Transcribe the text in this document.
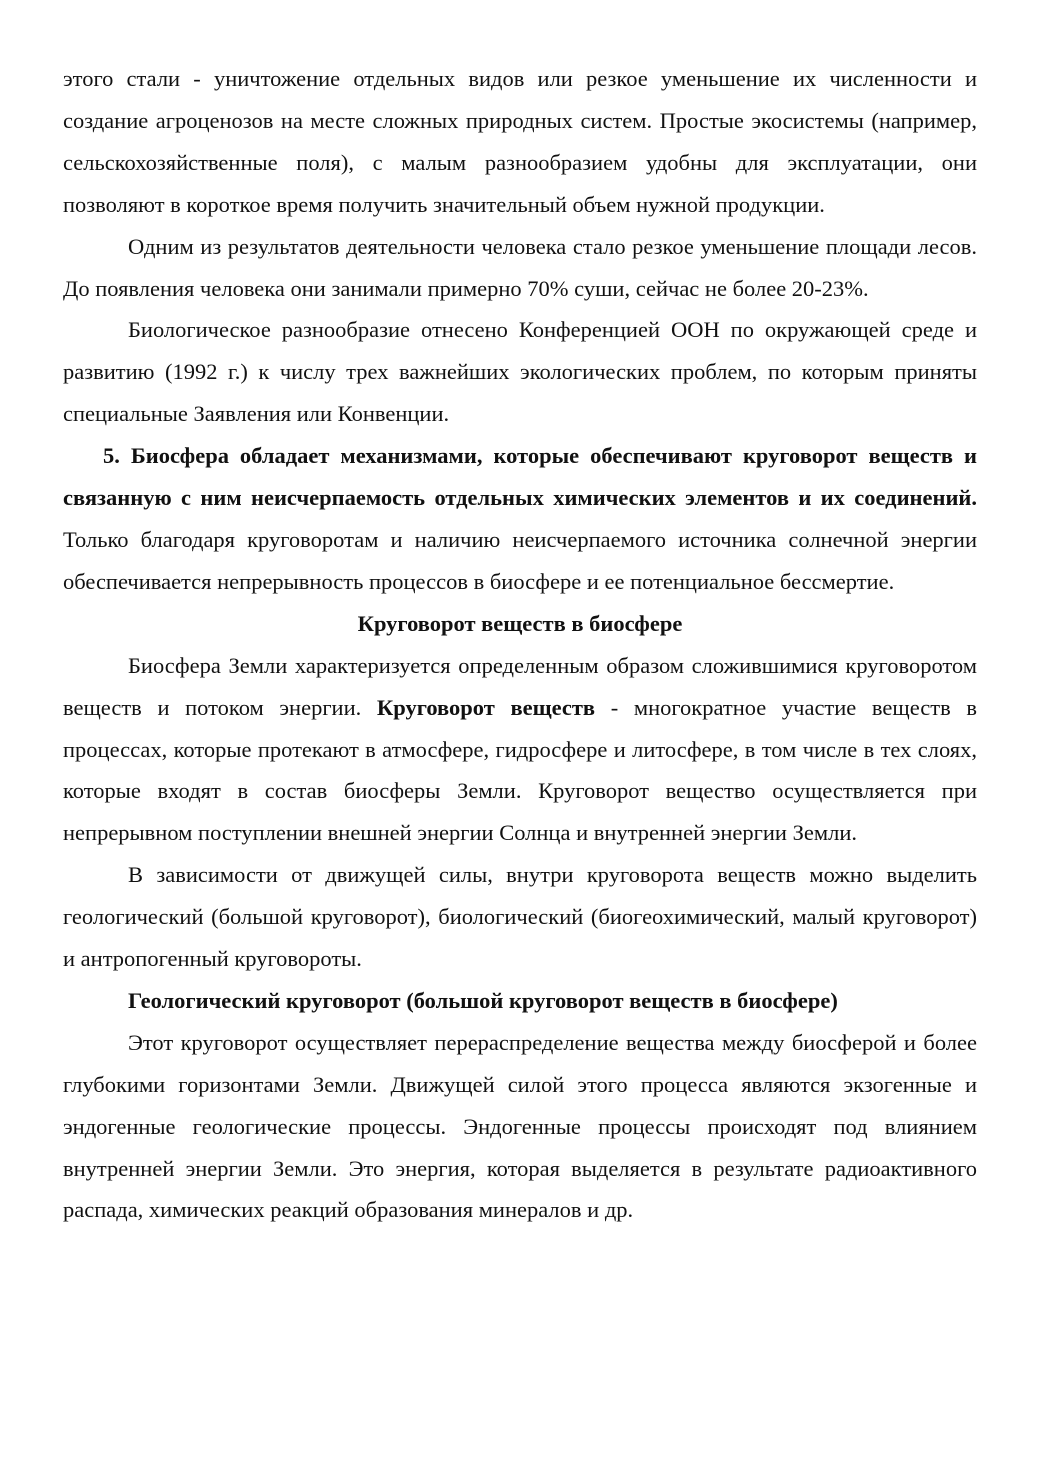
этого стали - уничтожение отдельных видов или резкое уменьшение их численности и создание агроценозов на месте сложных природных систем. Простые экосистемы (например, сельскохозяйственные поля), с малым разнообразием удобны для эксплуатации, они позволяют в короткое время получить значительный объем нужной продукции.

Одним из результатов деятельности человека стало резкое уменьшение площади лесов. До появления человека они занимали примерно 70% суши, сейчас не более 20-23%.

Биологическое разнообразие отнесено Конференцией ООН по окружающей среде и развитию (1992 г.) к числу трех важнейших экологических проблем, по которым приняты специальные Заявления или Конвенции.

5. Биосфера обладает механизмами, которые обеспечивают круговорот веществ и связанную с ним неисчерпаемость отдельных химических элементов и их соединений. Только благодаря круговоротам и наличию неисчерпаемого источника солнечной энергии обеспечивается непрерывность процессов в биосфере и ее потенциальное бессмертие.

Круговорот веществ в биосфере

Биосфера Земли характеризуется определенным образом сложившимися круговоротом веществ и потоком энергии. Круговорот веществ - многократное участие веществ в процессах, которые протекают в атмосфере, гидросфере и литосфере, в том числе в тех слоях, которые входят в состав биосферы Земли. Круговорот вещество осуществляется при непрерывном поступлении внешней энергии Солнца и внутренней энергии Земли.

В зависимости от движущей силы, внутри круговорота веществ можно выделить геологический (большой круговорот), биологический (биогеохимический, малый круговорот) и антропогенный круговороты.

Геологический круговорот (большой круговорот веществ в биосфере)

Этот круговорот осуществляет перераспределение вещества между биосферой и более глубокими горизонтами Земли. Движущей силой этого процесса являются экзогенные и эндогенные геологические процессы. Эндогенные процессы происходят под влиянием внутренней энергии Земли. Это энергия, которая выделяется в результате радиоактивного распада, химических реакций образования минералов и др.
